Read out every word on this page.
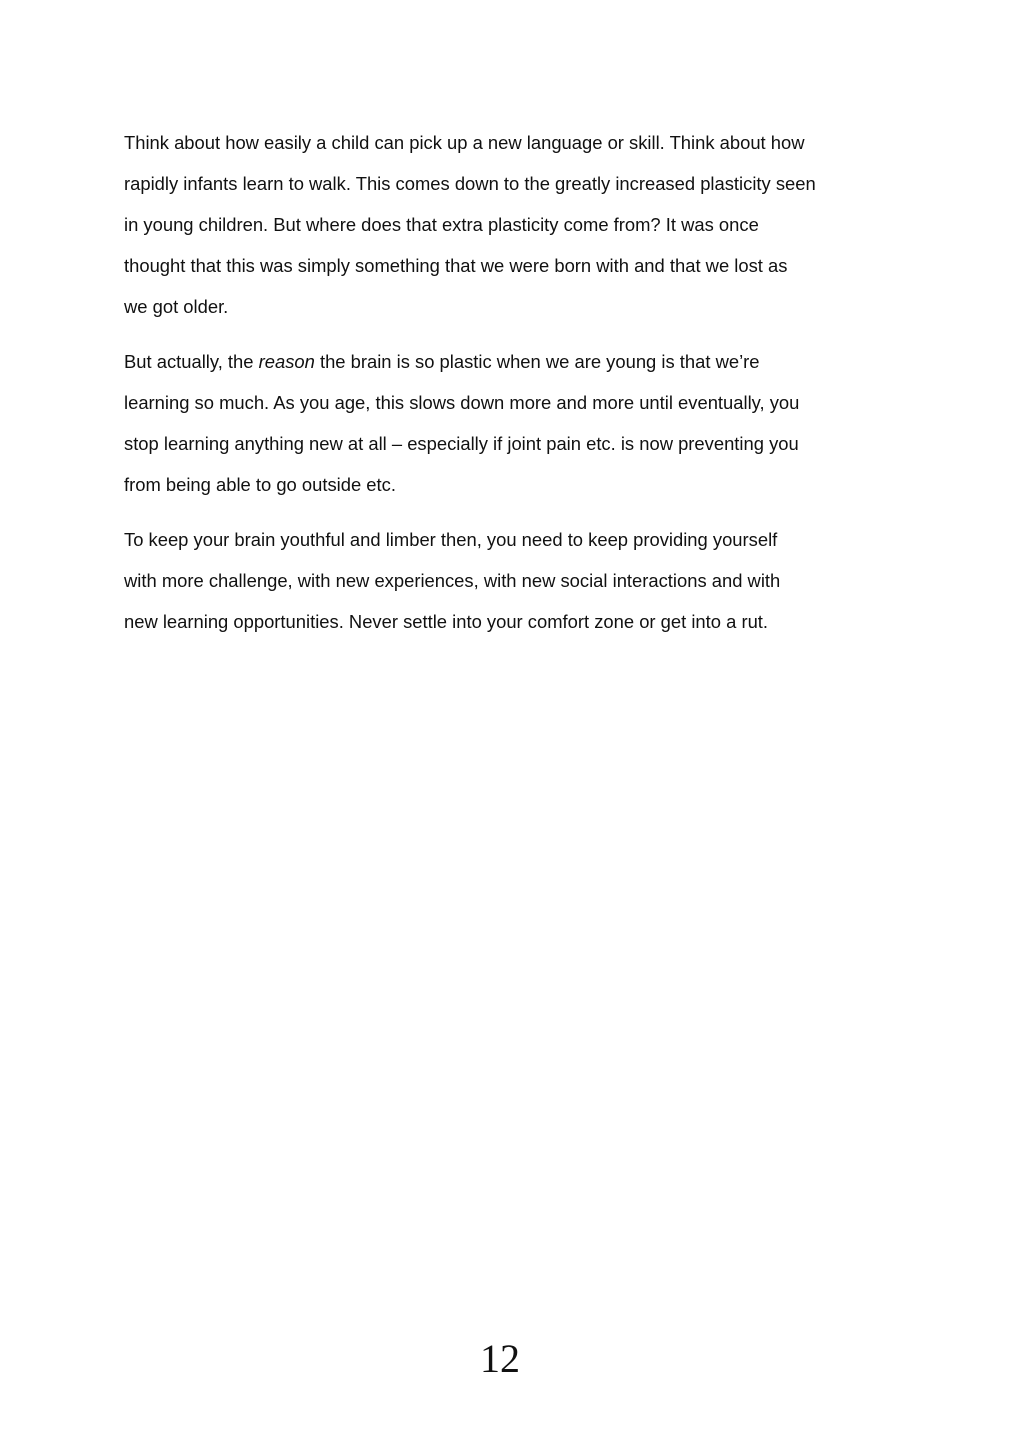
Think about how easily a child can pick up a new language or skill. Think about how
rapidly infants learn to walk. This comes down to the greatly increased plasticity seen
in young children. But where does that extra plasticity come from? It was once
thought that this was simply something that we were born with and that we lost as
we got older.

But actually, the reason the brain is so plastic when we are young is that we’re
learning so much. As you age, this slows down more and more until eventually, you
stop learning anything new at all – especially if joint pain etc. is now preventing you
from being able to go outside etc.

To keep your brain youthful and limber then, you need to keep providing yourself
with more challenge, with new experiences, with new social interactions and with
new learning opportunities. Never settle into your comfort zone or get into a rut.

12
